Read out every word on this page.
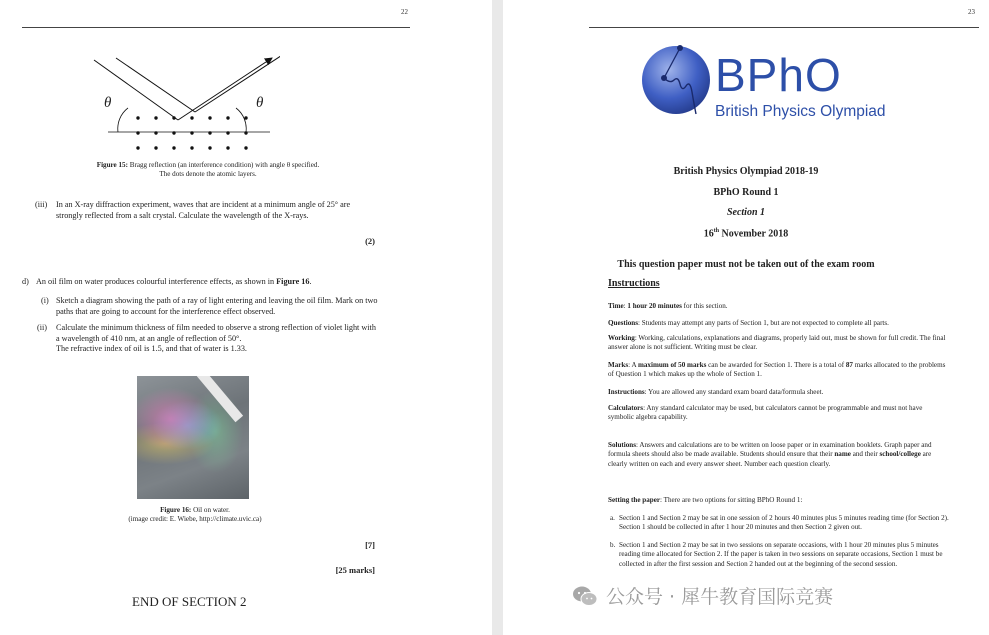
22
θ	θ
Figure 15: Bragg reflection (an interference condition) with angle θ specified.
The dots denote the atomic layers.
(iii) In an X-ray diffraction experiment, waves that are incident at a minimum angle of 25° are strongly reflected from a salt crystal. Calculate the wavelength of the X-rays.
(2)
d) An oil film on water produces colourful interference effects, as shown in Figure 16.
(i) Sketch a diagram showing the path of a ray of light entering and leaving the oil film. Mark on two paths that are going to account for the interference effect observed.
(ii) Calculate the minimum thickness of film needed to observe a strong reflection of violet light with a wavelength of 410 nm, at an angle of reflection of 50°.
The refractive index of oil is 1.5, and that of water is 1.33.
Figure 16: Oil on water.
(image credit: E. Wiebe, http://climate.uvic.ca)
[7]
[25 marks]
END OF SECTION 2
23
BPhO
British Physics Olympiad
British Physics Olympiad 2018-19
BPhO Round 1
Section 1
16th November 2018
This question paper must not be taken out of the exam room
Instructions
Time: 1 hour 20 minutes for this section.
Questions: Students may attempt any parts of Section 1, but are not expected to complete all parts.
Working: Working, calculations, explanations and diagrams, properly laid out, must be shown for full credit. The final answer alone is not sufficient. Writing must be clear.
Marks: A maximum of 50 marks can be awarded for Section 1. There is a total of 87 marks allocated to the problems of Question 1 which makes up the whole of Section 1.
Instructions: You are allowed any standard exam board data/formula sheet.
Calculators: Any standard calculator may be used, but calculators cannot be programmable and must not have symbolic algebra capability.
Solutions: Answers and calculations are to be written on loose paper or in examination booklets. Graph paper and formula sheets should also be made available. Students should ensure that their name and their school/college are clearly written on each and every answer sheet. Number each question clearly.
Setting the paper: There are two options for sitting BPhO Round 1:
a. Section 1 and Section 2 may be sat in one session of 2 hours 40 minutes plus 5 minutes reading time (for Section 2). Section 1 should be collected in after 1 hour 20 minutes and then Section 2 given out.
b. Section 1 and Section 2 may be sat in two sessions on separate occasions, with 1 hour 20 minutes plus 5 minutes reading time allocated for Section 2. If the paper is taken in two sessions on separate occasions, Section 1 must be collected in after the first session and Section 2 handed out at the beginning of the second session.
公众号 · 犀牛教育国际竞赛
